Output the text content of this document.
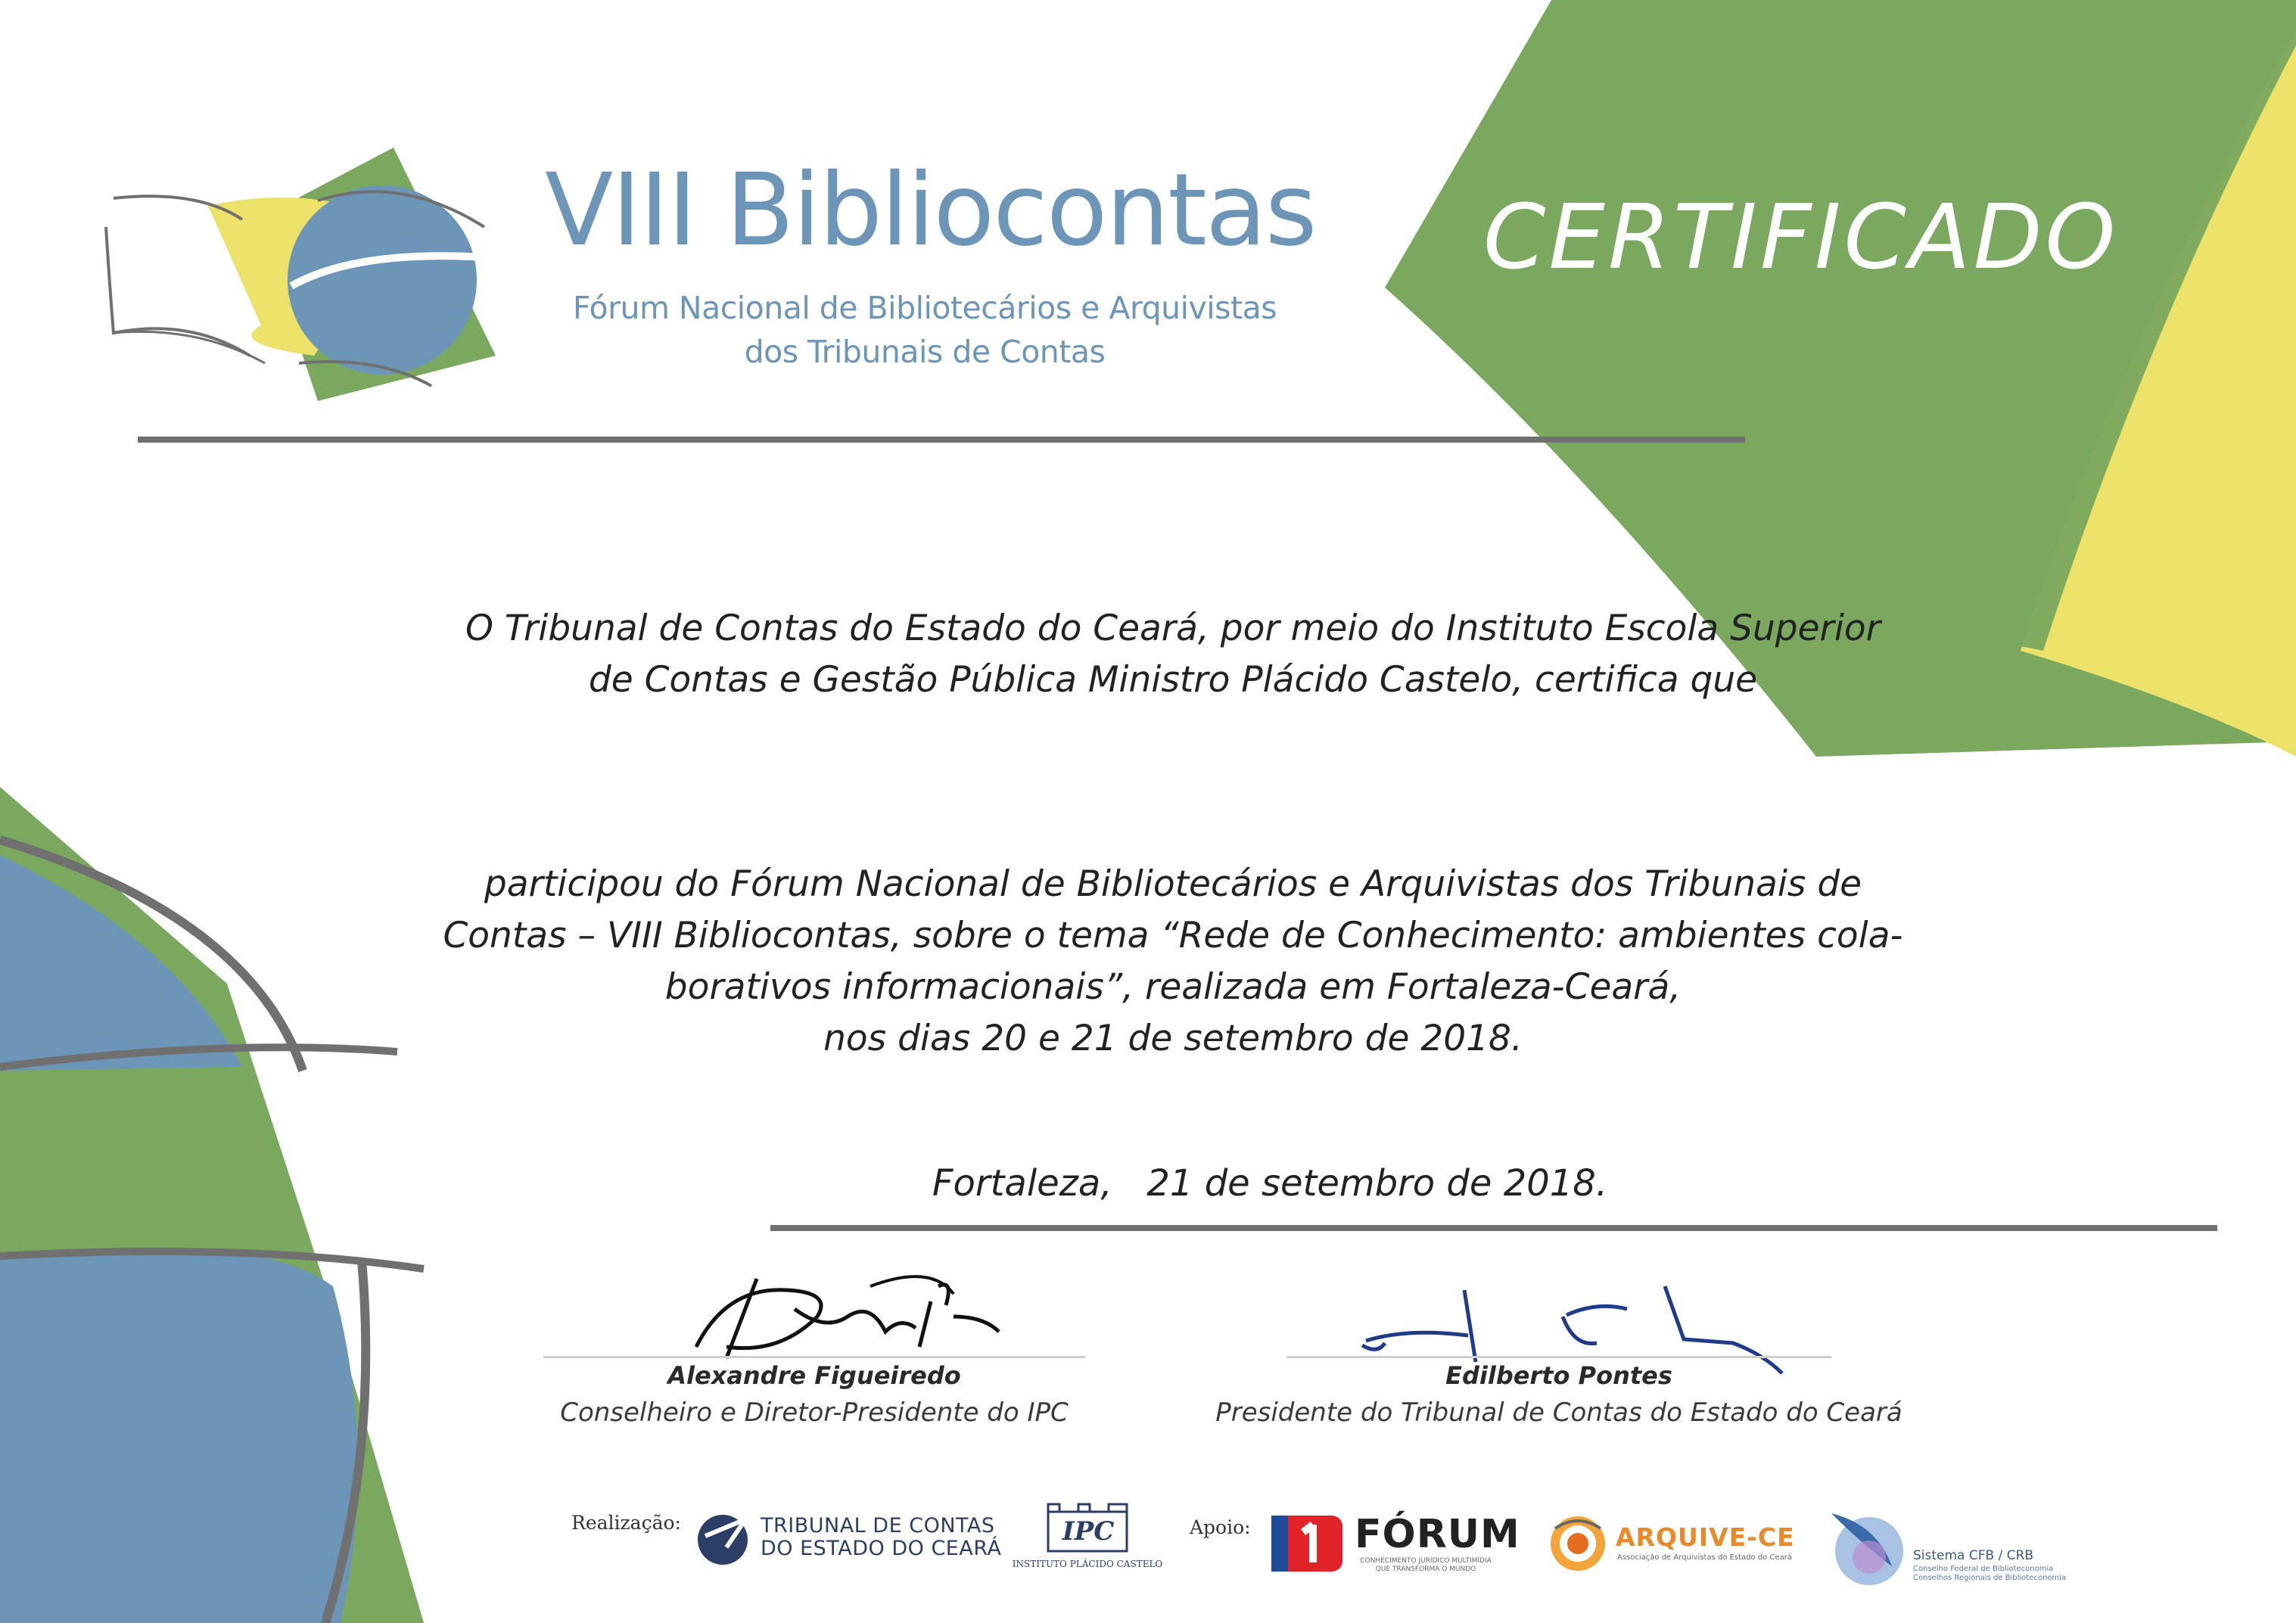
VIII Bibliocontas
Fórum Nacional de Bibliotecários e Arquivistas
dos Tribunais de Contas
CERTIFICADO
O Tribunal de Contas do Estado do Ceará, por meio do Instituto Escola Superior
de Contas e Gestão Pública Ministro Plácido Castelo, certifica que
participou do Fórum Nacional de Bibliotecários e Arquivistas dos Tribunais de
Contas – VIII Bibliocontas, sobre o tema “Rede de Conhecimento: ambientes cola-
borativos informacionais”, realizada em Fortaleza-Ceará,
nos dias 20 e 21 de setembro de 2018.
Fortaleza, 21 de setembro de 2018.
Alexandre Figueiredo
Conselheiro e Diretor-Presidente do IPC
Edilberto Pontes
Presidente do Tribunal de Contas do Estado do Ceará
Realização:	TRIBUNAL DE CONTAS
DO ESTADO DO CEARÁ
IPC
INSTITUTO PLÁCIDO CASTELO
Apoio:	FÓRUM
CONHECIMENTO JURÍDICO MULTIMÍDIA
QUE TRANSFORMA O MUNDO
ARQUIVE-CE
Associação de Arquivistas do Estado do Ceará	Sistema CFB / CRB
Conselho Federal de Biblioteconomia
Conselhos Regionais de Biblioteconomia
